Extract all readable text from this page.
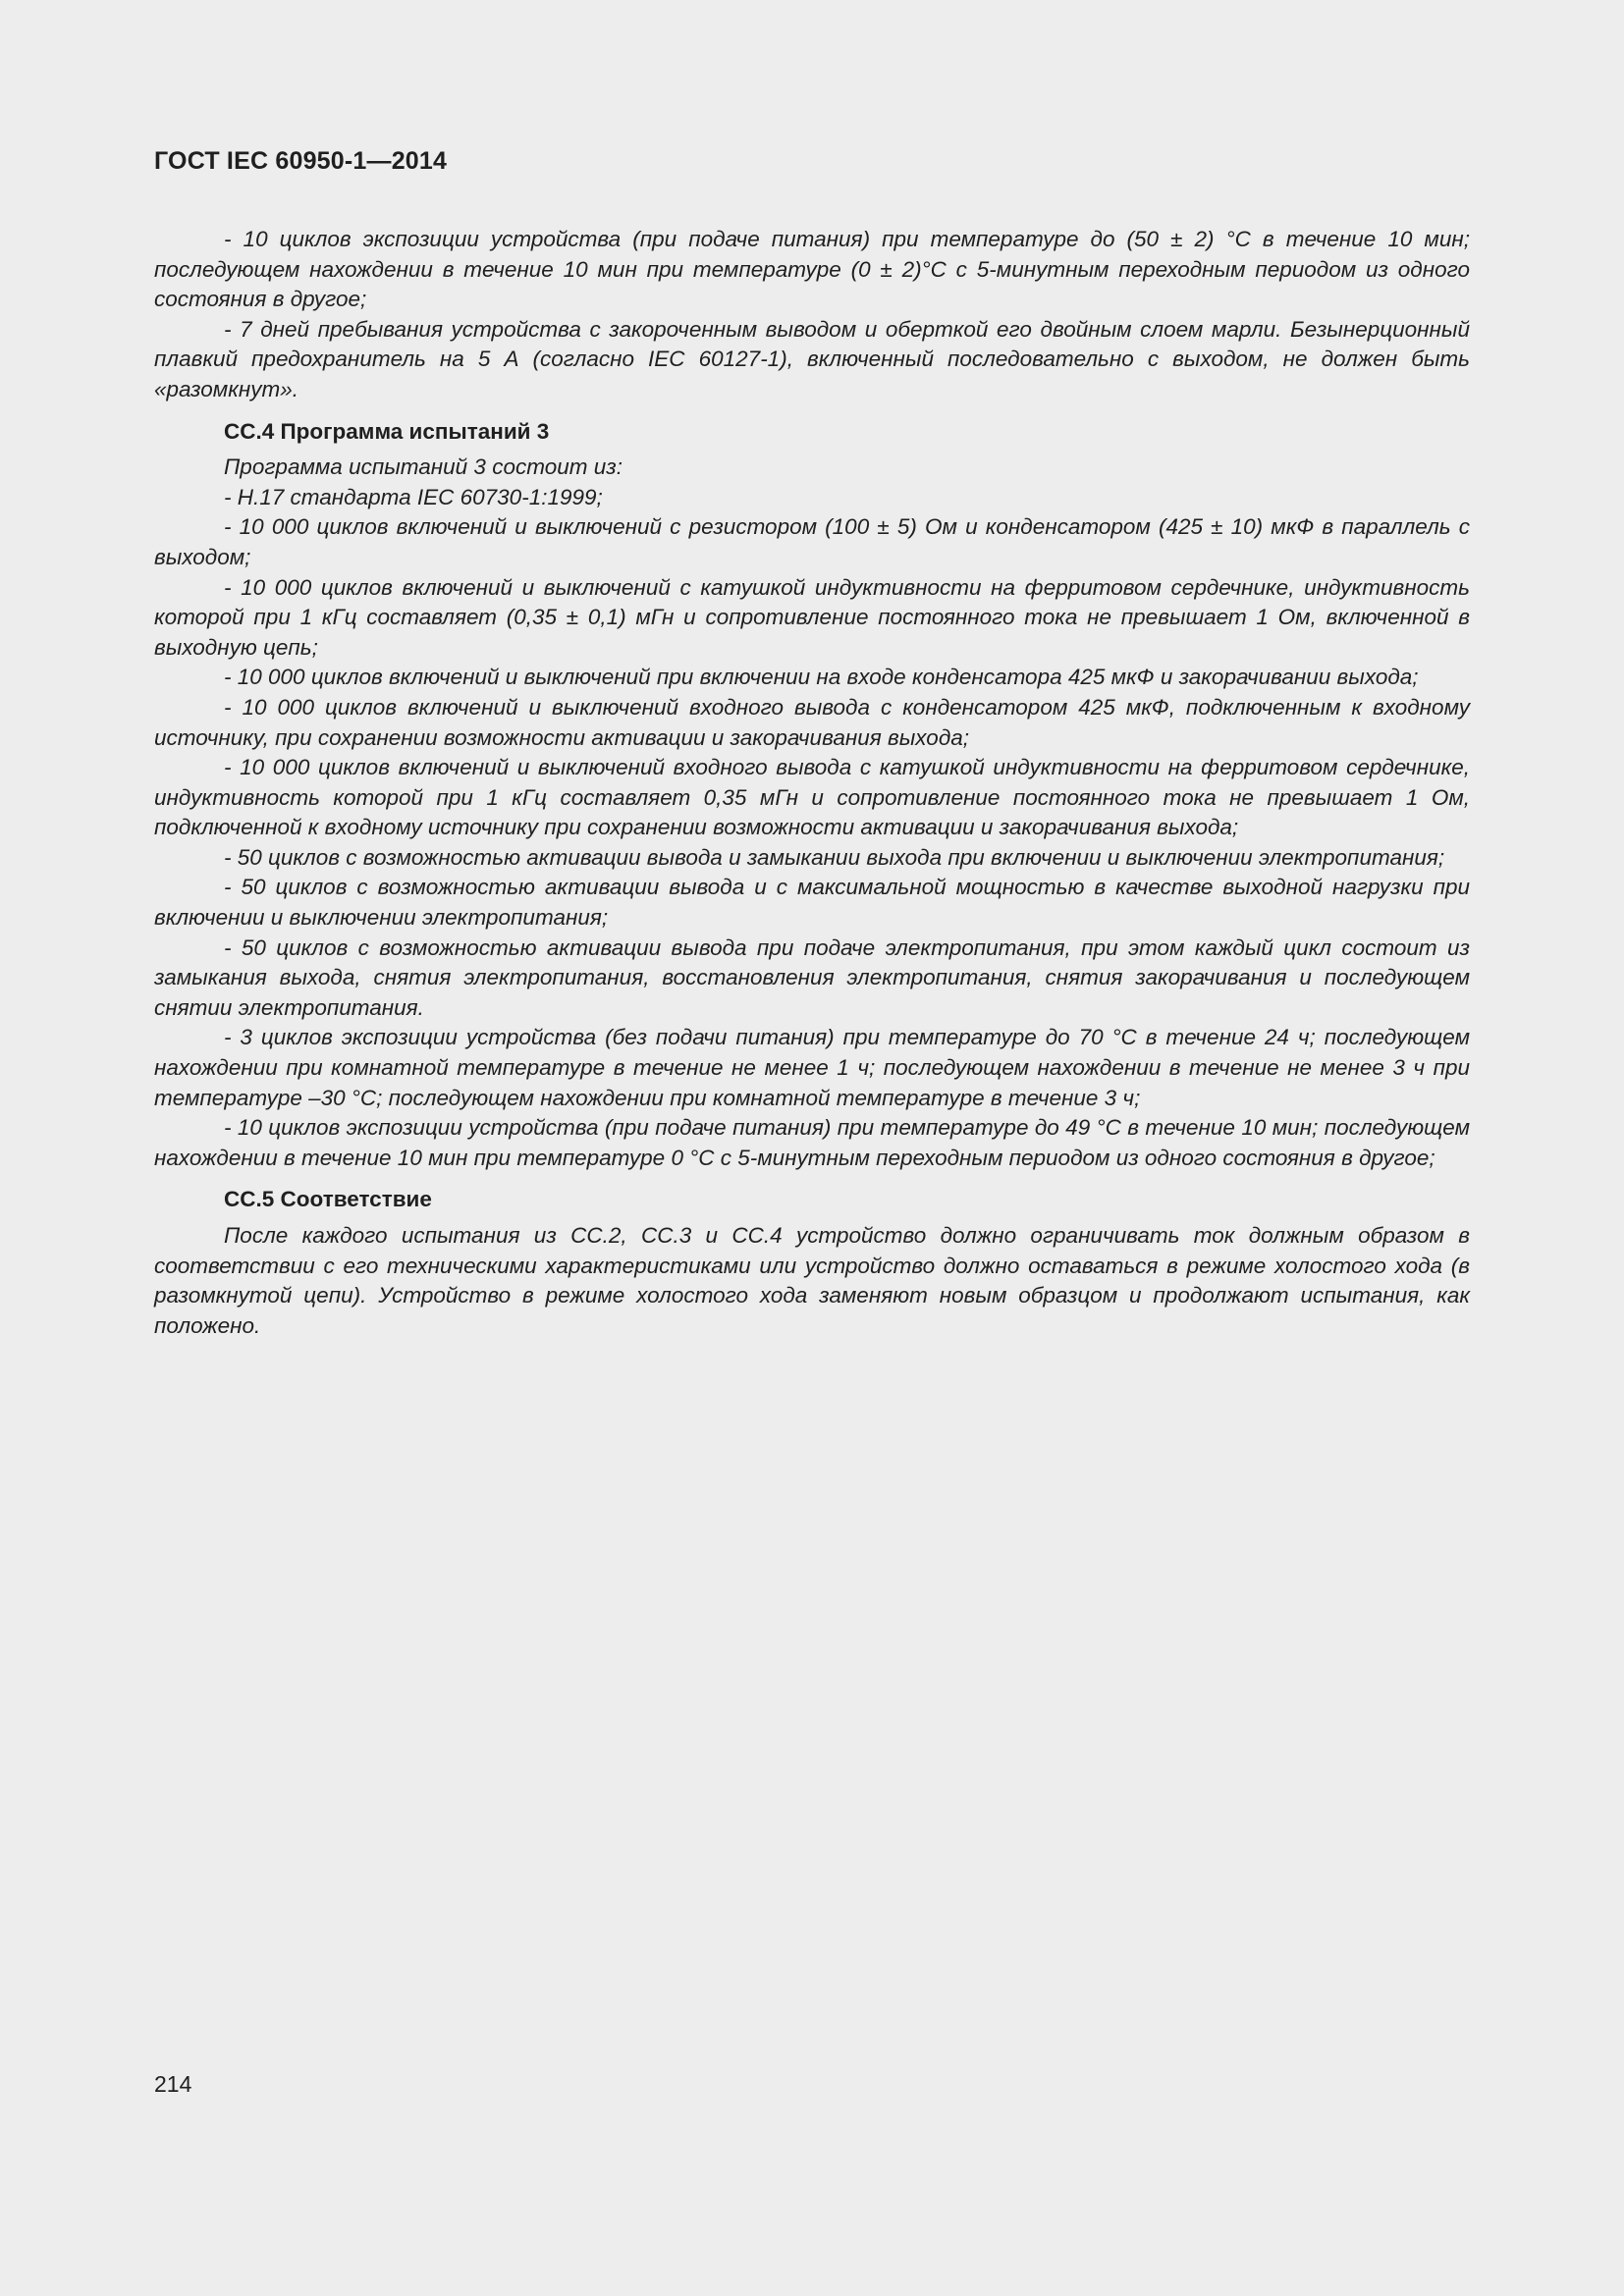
ГОСТ IEC 60950-1—2014

- 10 циклов экспозиции устройства (при подаче питания) при температуре до (50 ± 2) °С в течение 10 мин; последующем нахождении в течение 10 мин при температуре (0 ± 2)°С с 5-минутным переходным периодом из одного состояния в другое;

- 7 дней пребывания устройства с закороченным выводом и оберткой его двойным слоем марли. Безынерционный плавкий предохранитель на 5 А (согласно IEC 60127-1), включенный последовательно с выходом, не должен быть «разомкнут».

CC.4 Программа испытаний 3

Программа испытаний 3 состоит из:

- Н.17 стандарта IEC 60730-1:1999;

- 10 000 циклов включений и выключений с резистором (100 ± 5) Ом и конденсатором (425 ± 10) мкФ в параллель с выходом;

- 10 000 циклов включений и выключений с катушкой индуктивности на ферритовом сердечнике, индуктивность которой при 1 кГц составляет (0,35 ± 0,1) мГн и сопротивление постоянного тока не превышает 1 Ом, включенной в выходную цепь;

- 10 000 циклов включений и выключений при включении на входе конденсатора 425 мкФ и закорачивании выхода;

- 10 000 циклов включений и выключений входного вывода с конденсатором 425 мкФ, подключенным к входному источнику, при сохранении возможности активации и закорачивания выхода;

- 10 000 циклов включений и выключений входного вывода с катушкой индуктивности на ферритовом сердечнике, индуктивность которой при 1 кГц составляет 0,35 мГн и сопротивление постоянного тока не превышает 1 Ом, подключенной к входному источнику при сохранении возможности активации и закорачивания выхода;

- 50 циклов с возможностью активации вывода и замыкании выхода при включении и выключении электропитания;

- 50 циклов с возможностью активации вывода и с максимальной мощностью в качестве выходной нагрузки при включении и выключении электропитания;

- 50 циклов с возможностью активации вывода при подаче электропитания, при этом каждый цикл состоит из замыкания выхода, снятия электропитания, восстановления электропитания, снятия закорачивания и последующем снятии электропитания.

- 3 циклов экспозиции устройства (без подачи питания) при температуре до 70 °С в течение 24 ч; последующем нахождении при комнатной температуре в течение не менее 1 ч; последующем нахождении в течение не менее 3 ч при температуре –30 °С; последующем нахождении при комнатной температуре в течение 3 ч;

- 10 циклов экспозиции устройства (при подаче питания) при температуре до 49 °С в течение 10 мин; последующем нахождении в течение 10 мин при температуре 0 °С с 5-минутным переходным периодом из одного состояния в другое;

CC.5 Соответствие

После каждого испытания из СС.2, СС.3 и СС.4 устройство должно ограничивать ток должным образом в соответствии с его техническими характеристиками или устройство должно оставаться в режиме холостого хода (в разомкнутой цепи). Устройство в режиме холостого хода заменяют новым образцом и продолжают испытания, как положено.

214
